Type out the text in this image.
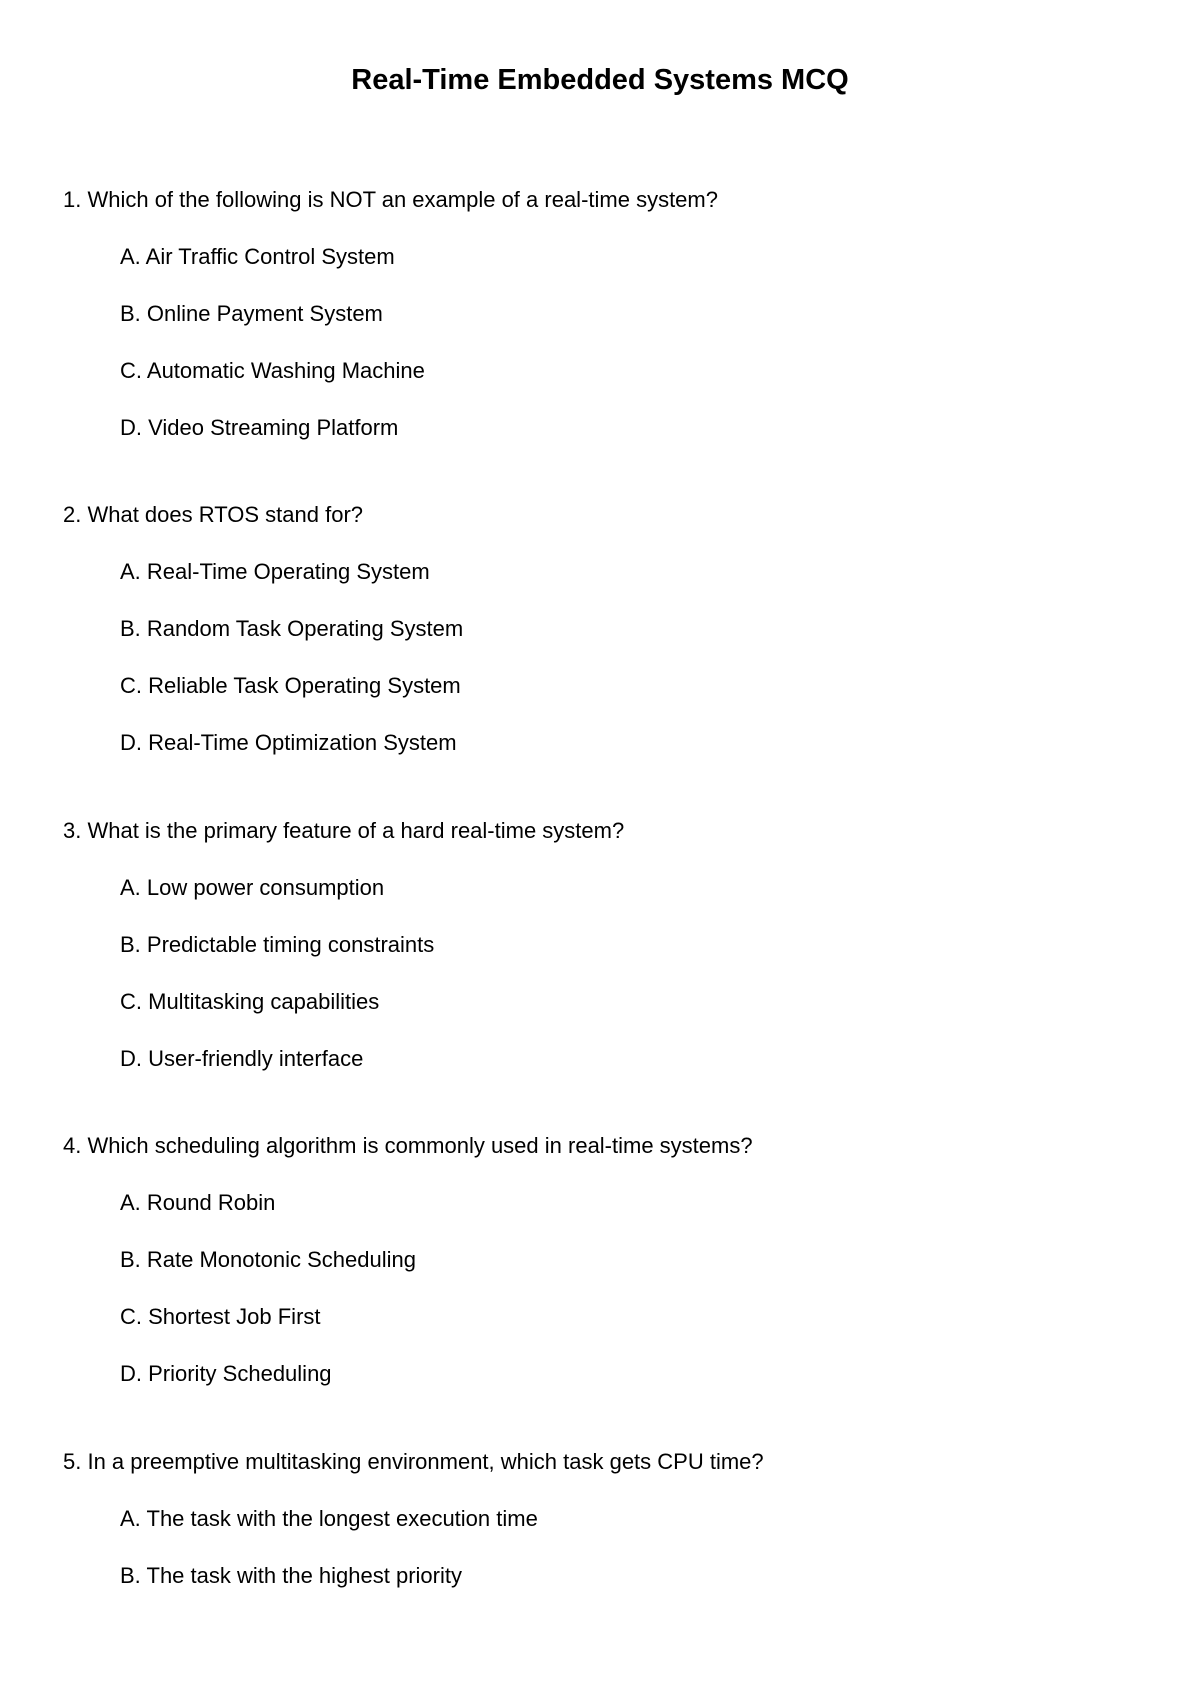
Real-Time Embedded Systems MCQ

1. Which of the following is NOT an example of a real-time system?

A. Air Traffic Control System

B. Online Payment System

C. Automatic Washing Machine

D. Video Streaming Platform

2. What does RTOS stand for?

A. Real-Time Operating System

B. Random Task Operating System

C. Reliable Task Operating System

D. Real-Time Optimization System

3. What is the primary feature of a hard real-time system?

A. Low power consumption

B. Predictable timing constraints

C. Multitasking capabilities

D. User-friendly interface

4. Which scheduling algorithm is commonly used in real-time systems?

A. Round Robin

B. Rate Monotonic Scheduling

C. Shortest Job First

D. Priority Scheduling

5. In a preemptive multitasking environment, which task gets CPU time?

A. The task with the longest execution time

B. The task with the highest priority
